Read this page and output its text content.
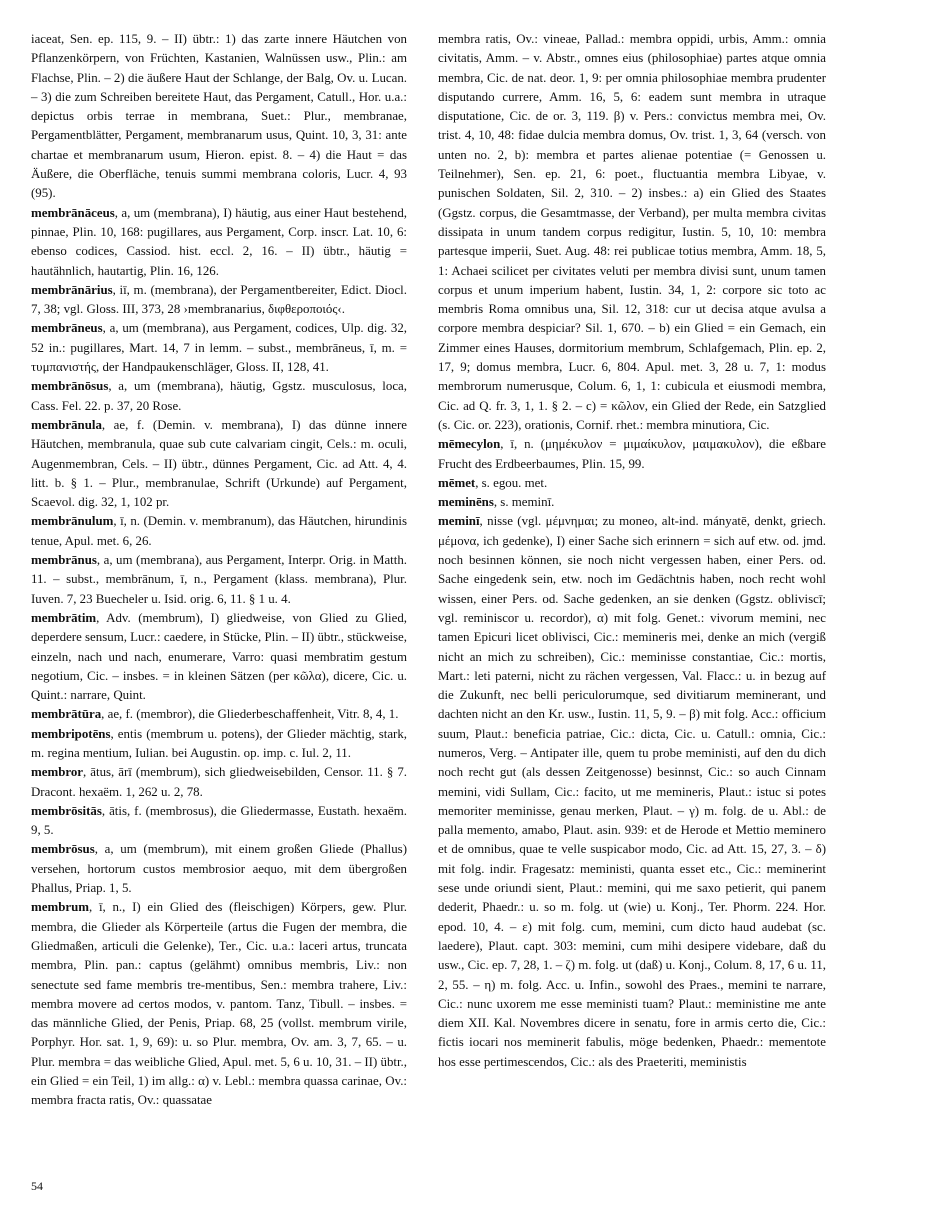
iaceat, Sen. ep. 115, 9. – II) übtr.: 1) das zarte innere Häutchen von Pflanzenkörpern, von Früchten, Kastanien, Walnüssen usw., Plin.: am Flachse, Plin. – 2) die äußere Haut der Schlange, der Balg, Ov. u. Lucan. – 3) die zum Schreiben bereitete Haut, das Pergament, Catull., Hor. u.a.: depictus orbis terrae in membrana, Suet.: Plur., membranae, Pergamentblätter, Pergament, membranarum usus, Quint. 10, 3, 31: ante chartae et membranarum usum, Hieron. epist. 8. – 4) die Haut = das Äußere, die Oberfläche, tenuis summi membrana coloris, Lucr. 4, 93 (95).

membrānāceus, a, um (membrana), I) häutig, aus einer Haut bestehend, pinnae, Plin. 10, 168: pugillares, aus Pergament, Corp. inscr. Lat. 10, 6: ebenso codices, Cassiod. hist. eccl. 2, 16. – II) übtr., häutig = hautähnlich, hautartig, Plin. 16, 126.

membrānārius, iī, m. (membrana), der Pergamentbereiter, Edict. Diocl. 7, 38; vgl. Gloss. III, 373, 28 ›membranarius, διφθεροποιός‹.

membrāneus, a, um (membrana), aus Pergament, codices, Ulp. dig. 32, 52 in.: pugillares, Mart. 14, 7 in lemm. – subst., membrāneus, ī, m. = τυμπανιστής, der Handpaukenschläger, Gloss. II, 128, 41.

membrānōsus, a, um (membrana), häutig, Ggstz. musculosus, loca, Cass. Fel. 22. p. 37, 20 Rose.

membrānula, ae, f. (Demin. v. membrana), I) das dünne innere Häutchen, membranula, quae sub cute calvariam cingit, Cels.: m. oculi, Augenmembran, Cels. – II) übtr., dünnes Pergament, Cic. ad Att. 4, 4. litt. b. § 1. – Plur., membranulae, Schrift (Urkunde) auf Pergament, Scaevol. dig. 32, 1, 102 pr.

membrānulum, ī, n. (Demin. v. membranum), das Häutchen, hirundinis tenue, Apul. met. 6, 26.

membrānus, a, um (membrana), aus Pergament, Interpr. Orig. in Matth. 11. – subst., membrānum, ī, n., Pergament (klass. membrana), Plur. Iuven. 7, 23 Buecheler u. Isid. orig. 6, 11. § 1 u. 4.

membrātim, Adv. (membrum), I) gliedweise, von Glied zu Glied, deperdere sensum, Lucr.: caedere, in Stücke, Plin. – II) übtr., stückweise, einzeln, nach und nach, enumerare, Varro: quasi membratim gestum negotium, Cic. – insbes. = in kleinen Sätzen (per κῶλα), dicere, Cic. u. Quint.: narrare, Quint.

membrātūra, ae, f. (membror), die Gliederbeschaffenheit, Vitr. 8, 4, 1.

membripotēns, entis (membrum u. potens), der Glieder mächtig, stark, m. regina mentium, Iulian. bei Augustin. op. imp. c. Iul. 2, 11.

membror, ātus, ārī (membrum), sich gliedweisebilden, Censor. 11. § 7. Dracont. hexaëm. 1, 262 u. 2, 78.

membrōsitās, ātis, f. (membrosus), die Gliedermasse, Eustath. hexaëm. 9, 5.

membrōsus, a, um (membrum), mit einem großen Gliede (Phallus) versehen, hortorum custos membrosior aequo, mit dem übergroßen Phallus, Priap. 1, 5.

membrum, ī, n., I) ein Glied des (fleischigen) Körpers, gew. Plur. membra, die Glieder als Körperteile (artus die Fugen der membra, die Gliedmaßen, articuli die Gelenke), Ter., Cic. u.a.: laceri artus, truncata membra, Plin. pan.: captus (gelähmt) omnibus membris, Liv.: non senectute sed fame membris tre-mentibus, Sen.: membra trahere, Liv.: membra movere ad certos modos, v. pantom. Tanz, Tibull. – insbes. = das männliche Glied, der Penis, Priap. 68, 25 (vollst. membrum virile, Porphyr. Hor. sat. 1, 9, 69): u. so Plur. membra, Ov. am. 3, 7, 65. – u. Plur. membra = das weibliche Glied, Apul. met. 5, 6 u. 10, 31. – II) übtr., ein Glied = ein Teil, 1) im allg.: α) v. Lebl.: membra quassa carinae, Ov.: membra fracta ratis, Ov.: quassatae

membra ratis, Ov.: vineae, Pallad.: membra oppidi, urbis, Amm.: omnia civitatis, Amm. – v. Abstr., omnes eius (philosophiae) partes atque omnia membra, Cic. de nat. deor. 1, 9: per omnia philosophiae membra prudenter disputando currere, Amm. 16, 5, 6: eadem sunt membra in utraque disputatione, Cic. de or. 3, 119. β) v. Pers.: convictus membra mei, Ov. trist. 4, 10, 48: fidae dulcia membra domus, Ov. trist. 1, 3, 64 (versch. von unten no. 2, b): membra et partes alienae potentiae (= Genossen u. Teilnehmer), Sen. ep. 21, 6: poet., fluctuantia membra Libyae, v. punischen Soldaten, Sil. 2, 310. – 2) insbes.: a) ein Glied des Staates (Ggstz. corpus, die Gesamtmasse, der Verband), per multa membra civitas dissipata in unum tandem corpus redigitur, Iustin. 5, 10, 10: membra partesque imperii, Suet. Aug. 48: rei publicae totius membra, Amm. 18, 5, 1: Achaei scilicet per civitates veluti per membra divisi sunt, unum tamen corpus et unum imperium habent, Iustin. 34, 1, 2: corpore sic toto ac membris Roma omnibus una, Sil. 12, 318: cur ut decisa atque avulsa a corpore membra despiciar? Sil. 1, 670. – b) ein Glied = ein Gemach, ein Zimmer eines Hauses, dormitorium membrum, Schlafgemach, Plin. ep. 2, 17, 9; domus membra, Lucr. 6, 804. Apul. met. 3, 28 u. 7, 1: modus membrorum numerusque, Colum. 6, 1, 1: cubicula et eiusmodi membra, Cic. ad Q. fr. 3, 1, 1. § 2. – c) = κῶλον, ein Glied der Rede, ein Satzglied (s. Cic. or. 223), orationis, Cornif. rhet.: membra minutiora, Cic.

mēmecylon, ī, n. (μημέκυλον = μιμαίκυλον, μαιμακυλον), die eßbare Frucht des Erdbeerbaumes, Plin. 15, 99.

mēmet, s. egou. met.

meminēns, s. meminī.

meminī, nisse (vgl. μέμνημαι; zu moneo, alt-ind. mányatē, denkt, griech. μέμονα, ich gedenke), I) einer Sache sich erinnern = sich auf etw. od. jmd. noch besinnen können, sie noch nicht vergessen haben, einer Pers. od. Sache eingedenk sein, etw. noch im Gedächtnis haben, noch recht wohl wissen, einer Pers. od. Sache gedenken, an sie denken (Ggstz. obliviscī; vgl. reminiscor u. recordor), α) mit folg. Genet.: vivorum memini, nec tamen Epicuri licet oblivisci, Cic.: memineris mei, denke an mich (vergiß nicht an mich zu schreiben), Cic.: meminisse constantiae, Cic.: mortis, Mart.: leti paterni, nicht zu rächen vergessen, Val. Flacc.: u. in bezug auf die Zukunft, nec belli periculorumque, sed divitiarum meminerant, und dachten nicht an den Kr. usw., Iustin. 11, 5, 9. – β) mit folg. Acc.: officium suum, Plaut.: beneficia patriae, Cic.: dicta, Cic. u. Catull.: omnia, Cic.: numeros, Verg. – Antipater ille, quem tu probe meministi, auf den du dich noch recht gut (als dessen Zeitgenosse) besinnst, Cic.: so auch Cinnam memini, vidi Sullam, Cic.: facito, ut me memineris, Plaut.: istuc si potes memoriter meminisse, genau merken, Plaut. – γ) m. folg. de u. Abl.: de palla memento, amabo, Plaut. asin. 939: et de Herode et Mettio meminero et de omnibus, quae te velle suspicabor modo, Cic. ad Att. 15, 27, 3. – δ) mit folg. indir. Fragesatz: meministi, quanta esset etc., Cic.: meminerint sese unde oriundi sient, Plaut.: memini, qui me saxo petierit, qui panem dederit, Phaedr.: u. so m. folg. ut (wie) u. Konj., Ter. Phorm. 224. Hor. epod. 10, 4. – ε) mit folg. cum, memini, cum dicto haud audebat (sc. laedere), Plaut. capt. 303: memini, cum mihi desipere videbare, daß du usw., Cic. ep. 7, 28, 1. – ζ) m. folg. ut (daß) u. Konj., Colum. 8, 17, 6 u. 11, 2, 55. – η) m. folg. Acc. u. Infin., sowohl des Praes., memini te narrare, Cic.: nunc uxorem me esse meministi tuam? Plaut.: meministine me ante diem XII. Kal. Novembres dicere in senatu, fore in armis certo die, Cic.: fictis iocari nos meminerit fabulis, möge bedenken, Phaedr.: mementote hos esse pertimescendos, Cic.: als des Praeteriti, meministis

54
